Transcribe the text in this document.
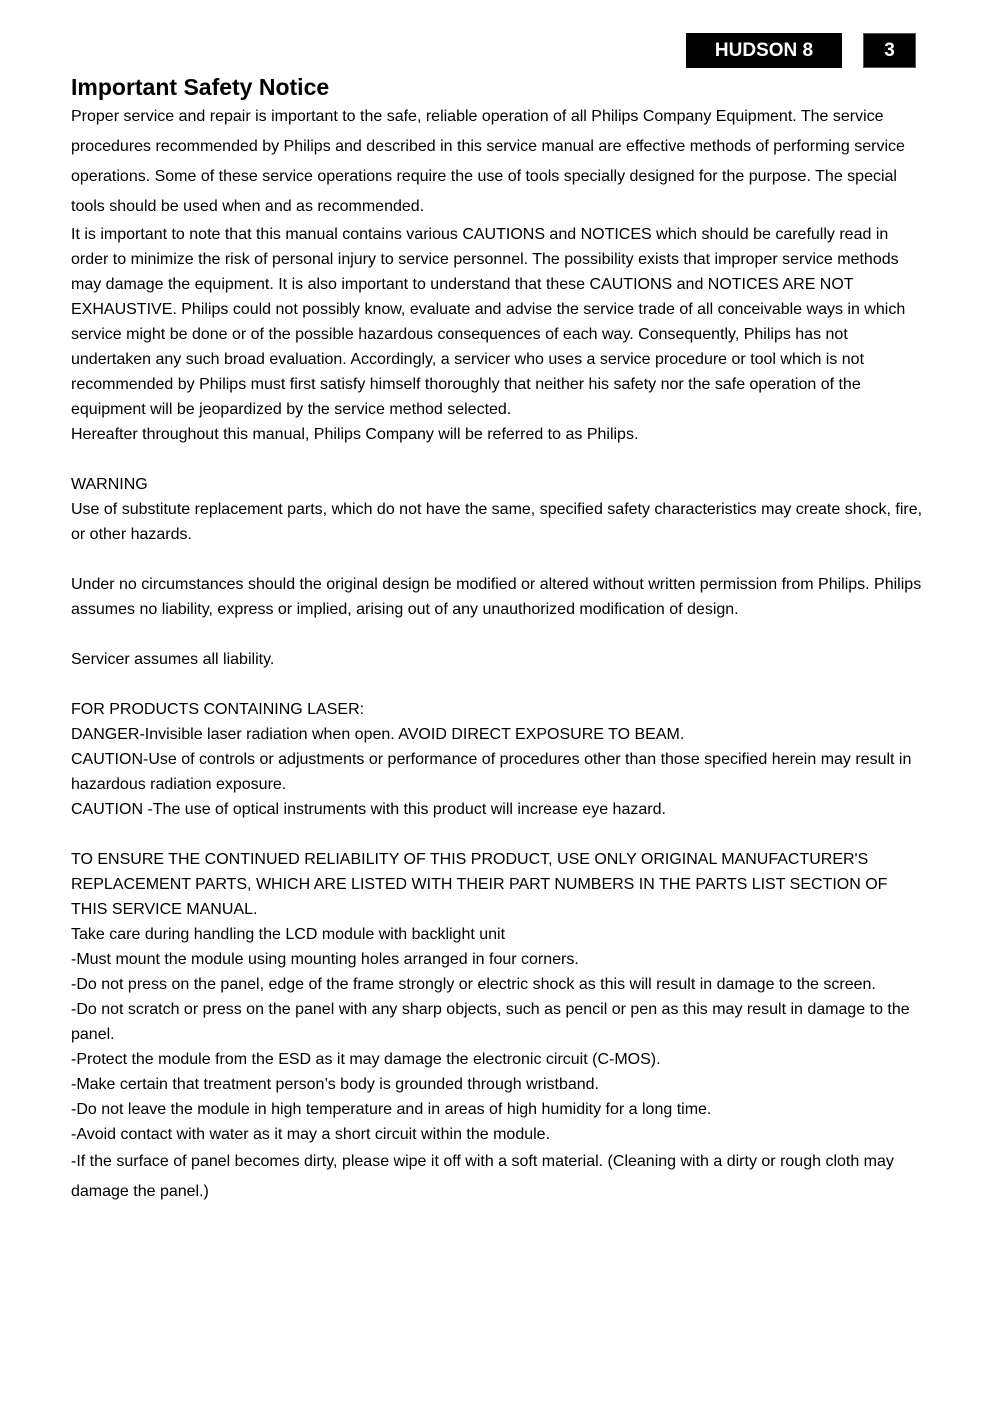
HUDSON 8	3
Important Safety Notice

Proper service and repair is important to the safe, reliable operation of all Philips Company Equipment. The service procedures recommended by Philips and described in this service manual are effective methods of performing service operations. Some of these service operations require the use of tools specially designed for the purpose. The special tools should be used when and as recommended.

It is important to note that this manual contains various CAUTIONS and NOTICES which should be carefully read in order to minimize the risk of personal injury to service personnel. The possibility exists that improper service methods may damage the equipment. It is also important to understand that these CAUTIONS and NOTICES ARE NOT EXHAUSTIVE. Philips could not possibly know, evaluate and advise the service trade of all conceivable ways in which service might be done or of the possible hazardous consequences of each way. Consequently, Philips has not undertaken any such broad evaluation. Accordingly, a servicer who uses a service procedure or tool which is not recommended by Philips must first satisfy himself thoroughly that neither his safety nor the safe operation of the equipment will be jeopardized by the service method selected.

Hereafter throughout this manual, Philips Company will be referred to as Philips.

WARNING

Use of substitute replacement parts, which do not have the same, specified safety characteristics may create shock, fire, or other hazards.

Under no circumstances should the original design be modified or altered without written permission from Philips. Philips assumes no liability, express or implied, arising out of any unauthorized modification of design.

Servicer assumes all liability.

FOR PRODUCTS CONTAINING LASER:

DANGER-Invisible laser radiation when open. AVOID DIRECT EXPOSURE TO BEAM.

CAUTION-Use of controls or adjustments or performance of procedures other than those specified herein may result in hazardous radiation exposure.

CAUTION -The use of optical instruments with this product will increase eye hazard.

TO ENSURE THE CONTINUED RELIABILITY OF THIS PRODUCT, USE ONLY ORIGINAL MANUFACTURER'S REPLACEMENT PARTS, WHICH ARE LISTED WITH THEIR PART NUMBERS IN THE PARTS LIST SECTION OF THIS SERVICE MANUAL.

Take care during handling the LCD module with backlight unit

-Must mount the module using mounting holes arranged in four corners.

-Do not press on the panel, edge of the frame strongly or electric shock as this will result in damage to the screen.

-Do not scratch or press on the panel with any sharp objects, such as pencil or pen as this may result in damage to the panel.

-Protect the module from the ESD as it may damage the electronic circuit (C-MOS).

-Make certain that treatment person’s body is grounded through wristband.

-Do not leave the module in high temperature and in areas of high humidity for a long time.

-Avoid contact with water as it may a short circuit within the module.

-If the surface of panel becomes dirty, please wipe it off with a soft material. (Cleaning with a dirty or rough cloth may damage the panel.)
